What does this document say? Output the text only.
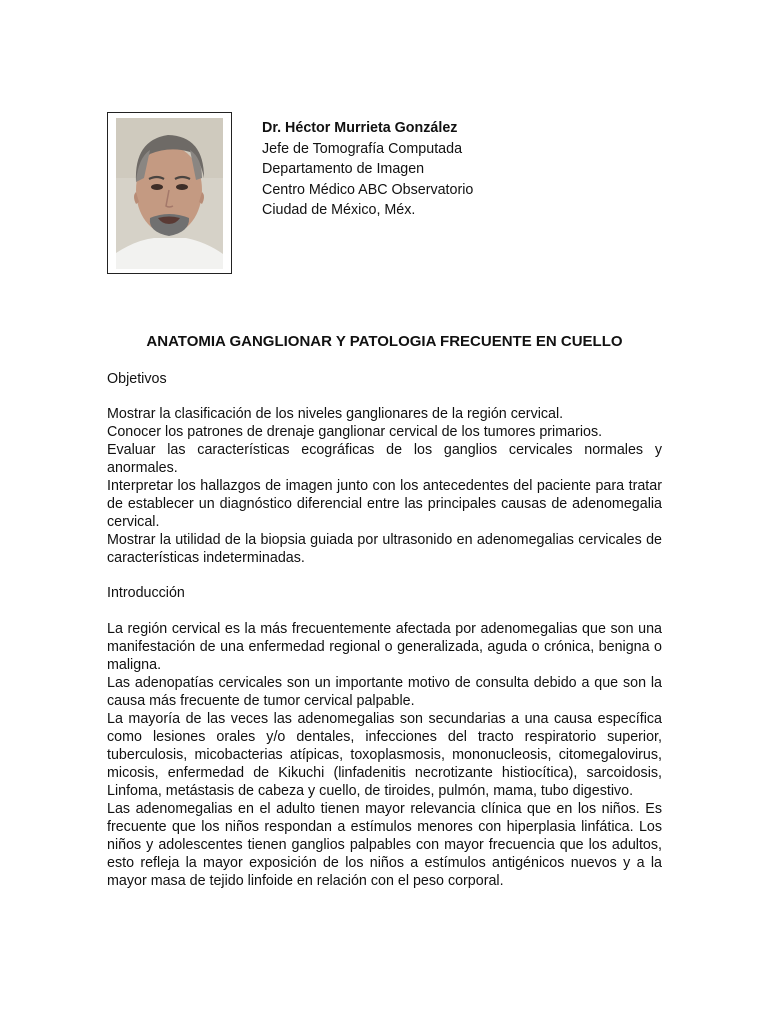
Dr. Héctor Murrieta González
Jefe de Tomografía Computada
Departamento de Imagen
Centro Médico ABC Observatorio
Ciudad de México, Méx.
ANATOMIA GANGLIONAR Y PATOLOGIA FRECUENTE EN CUELLO
Objetivos

Mostrar la clasificación de los niveles ganglionares de la región cervical.

Conocer los patrones de drenaje ganglionar cervical de los tumores primarios.

Evaluar las características ecográficas de los ganglios cervicales normales y anormales.

Interpretar los hallazgos de imagen junto con los antecedentes del paciente para tratar de establecer un diagnóstico diferencial entre las principales causas de adenomegalia cervical.

Mostrar la utilidad de la biopsia guiada por ultrasonido en adenomegalias cervicales de características indeterminadas.

Introducción

La región cervical es la más frecuentemente afectada por adenomegalias que son una manifestación de una enfermedad regional o generalizada, aguda o crónica, benigna o maligna.

Las adenopatías cervicales son un importante motivo de consulta debido a que son la causa más frecuente de tumor cervical palpable.

La mayoría de las veces las adenomegalias son secundarias a una causa específica como lesiones orales y/o dentales, infecciones del tracto respiratorio superior, tuberculosis, micobacterias atípicas, toxoplasmosis, mononucleosis, citomegalovirus, micosis, enfermedad de Kikuchi (linfadenitis necrotizante histiocítica), sarcoidosis, Linfoma, metástasis de cabeza y cuello, de tiroides, pulmón, mama, tubo digestivo.

Las adenomegalias en el adulto tienen mayor relevancia clínica que en los niños. Es frecuente que los niños respondan a estímulos menores con hiperplasia linfática. Los niños y adolescentes tienen ganglios palpables con mayor frecuencia que los adultos, esto refleja la mayor exposición de los niños a estímulos antigénicos nuevos y a la mayor masa de tejido linfoide en relación con el peso corporal.
